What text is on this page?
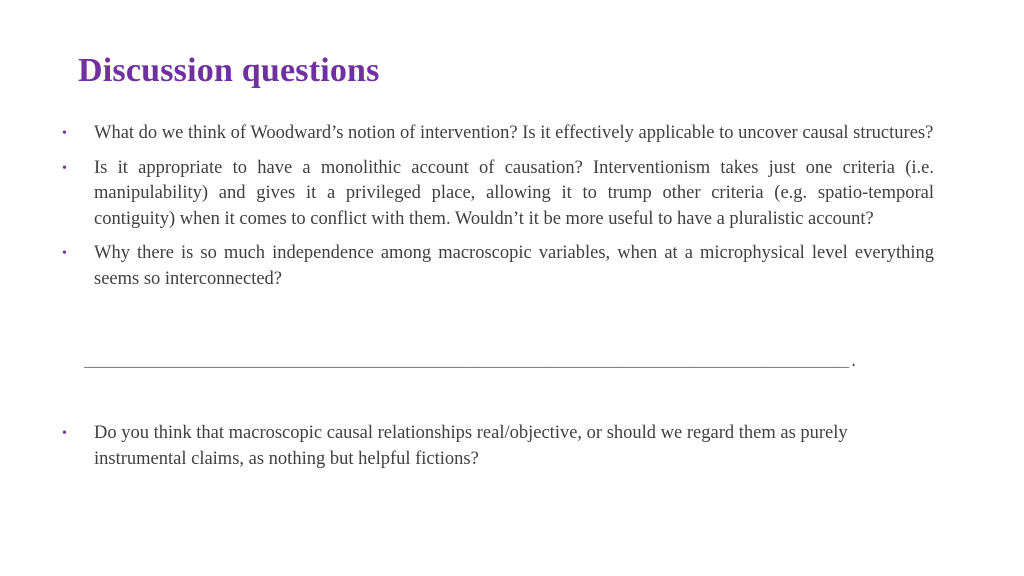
Discussion questions
• What do we think of Woodward’s notion of intervention? Is it effectively applicable to uncover causal structures?
• Is it appropriate to have a monolithic account of causation? Interventionism takes just one criteria (i.e. manipulability) and gives it a privileged place, allowing it to trump other criteria (e.g. spatio-temporal contiguity) when it comes to conflict with them. Wouldn’t it be more useful to have a pluralistic account?
• Why there is so much independence among macroscopic variables, when at a microphysical level everything seems so interconnected?
_____________________________________________________________________________________.
• Do you think that macroscopic causal relationships real/objective, or should we regard them as purely instrumental claims, as nothing but helpful fictions?
